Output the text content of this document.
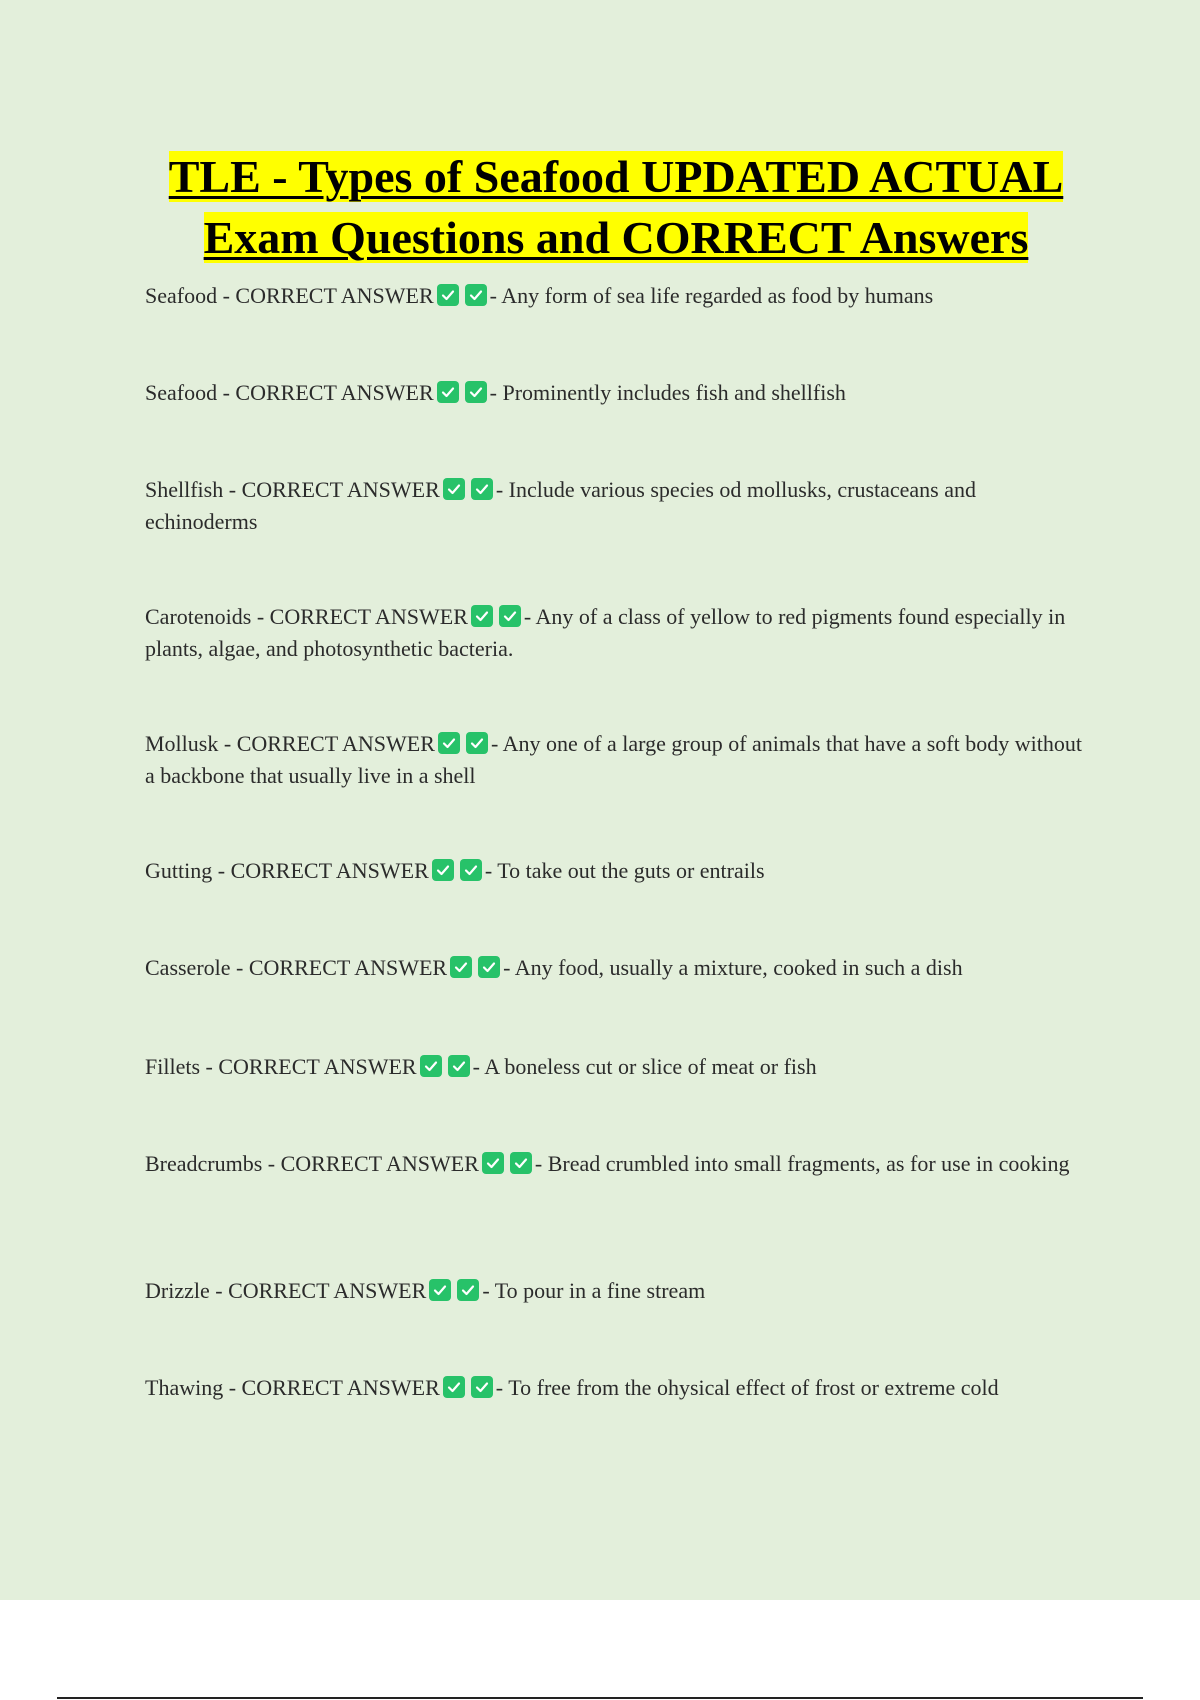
TLE - Types of Seafood UPDATED ACTUAL
Exam Questions and CORRECT Answers

Seafood - CORRECT ANSWER	- Any form of sea life regarded as food by humans

Seafood - CORRECT ANSWER	- Prominently includes fish and shellfish

Shellfish - CORRECT ANSWER	- Include various species od mollusks, crustaceans and echinoderms

Carotenoids - CORRECT ANSWER	- Any of a class of yellow to red pigments found especially in plants, algae, and photosynthetic bacteria.

Mollusk - CORRECT ANSWER	- Any one of a large group of animals that have a soft body without a backbone that usually live in a shell

Gutting - CORRECT ANSWER	- To take out the guts or entrails

Casserole - CORRECT ANSWER	- Any food, usually a mixture, cooked in such a dish

Fillets - CORRECT ANSWER	- A boneless cut or slice of meat or fish

Breadcrumbs - CORRECT ANSWER	- Bread crumbled into small fragments, as for use in cooking

Drizzle - CORRECT ANSWER	- To pour in a fine stream

Thawing - CORRECT ANSWER	- To free from the ohysical effect of frost or extreme cold
